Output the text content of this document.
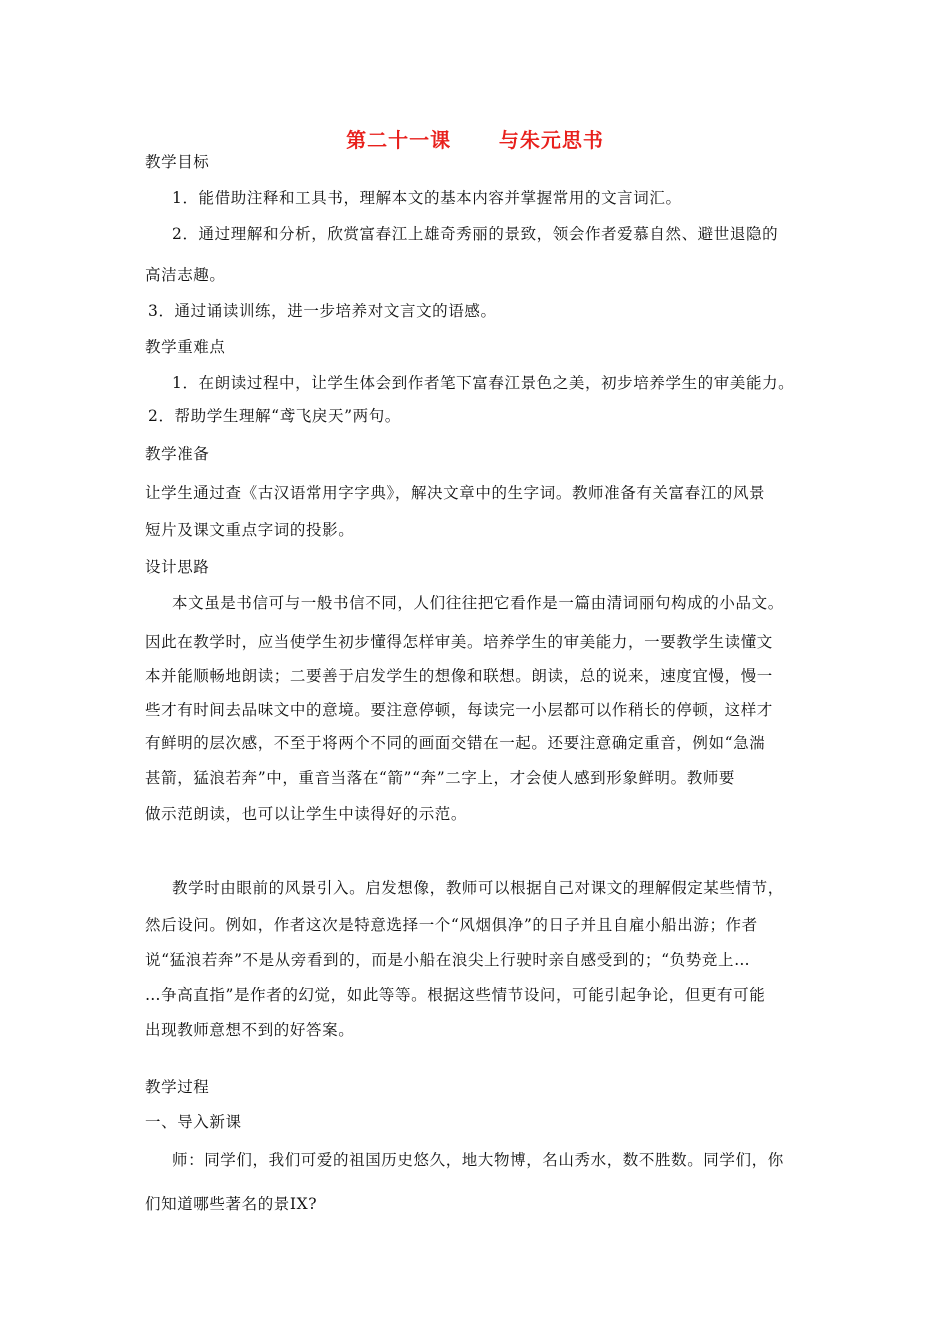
第二十一课      与朱元思书
教学目标
1．能借助注释和工具书，理解本文的基本内容并掌握常用的文言词汇。
2．通过理解和分析，欣赏富春江上雄奇秀丽的景致，领会作者爱慕自然、避世退隐的
高洁志趣。
3．通过诵读训练，进一步培养对文言文的语感。
教学重难点
1．在朗读过程中，让学生体会到作者笔下富春江景色之美，初步培养学生的审美能力。
2．帮助学生理解“鸢飞戾天”两句。
教学准备
让学生通过查《古汉语常用字字典》，解决文章中的生字词。教师准备有关富春江的风景
短片及课文重点字词的投影。
设计思路
本文虽是书信可与一般书信不同，人们往往把它看作是一篇由清词丽句构成的小品文。
因此在教学时，应当使学生初步懂得怎样审美。培养学生的审美能力，一要教学生读懂文
本并能顺畅地朗读；二要善于启发学生的想像和联想。朗读，总的说来，速度宜慢，慢一
些才有时间去品味文中的意境。要注意停顿，每读完一小层都可以作稍长的停顿，这样才
有鲜明的层次感，不至于将两个不同的画面交错在一起。还要注意确定重音，例如“急湍
甚箭，猛浪若奔”中，重音当落在“箭”“奔”二字上，才会使人感到形象鲜明。教师要
做示范朗读，也可以让学生中读得好的示范。
教学时由眼前的风景引入。启发想像，教师可以根据自己对课文的理解假定某些情节，
然后设问。例如，作者这次是特意选择一个“风烟俱净”的日子并且自雇小船出游；作者
说“猛浪若奔”不是从旁看到的，而是小船在浪尖上行驶时亲自感受到的；“负势竞上…
…争高直指”是作者的幻觉，如此等等。根据这些情节设问，可能引起争论，但更有可能
出现教师意想不到的好答案。
教学过程
一、导入新课
师：同学们，我们可爱的祖国历史悠久，地大物博，名山秀水，数不胜数。同学们，你
们知道哪些著名的景IX?
